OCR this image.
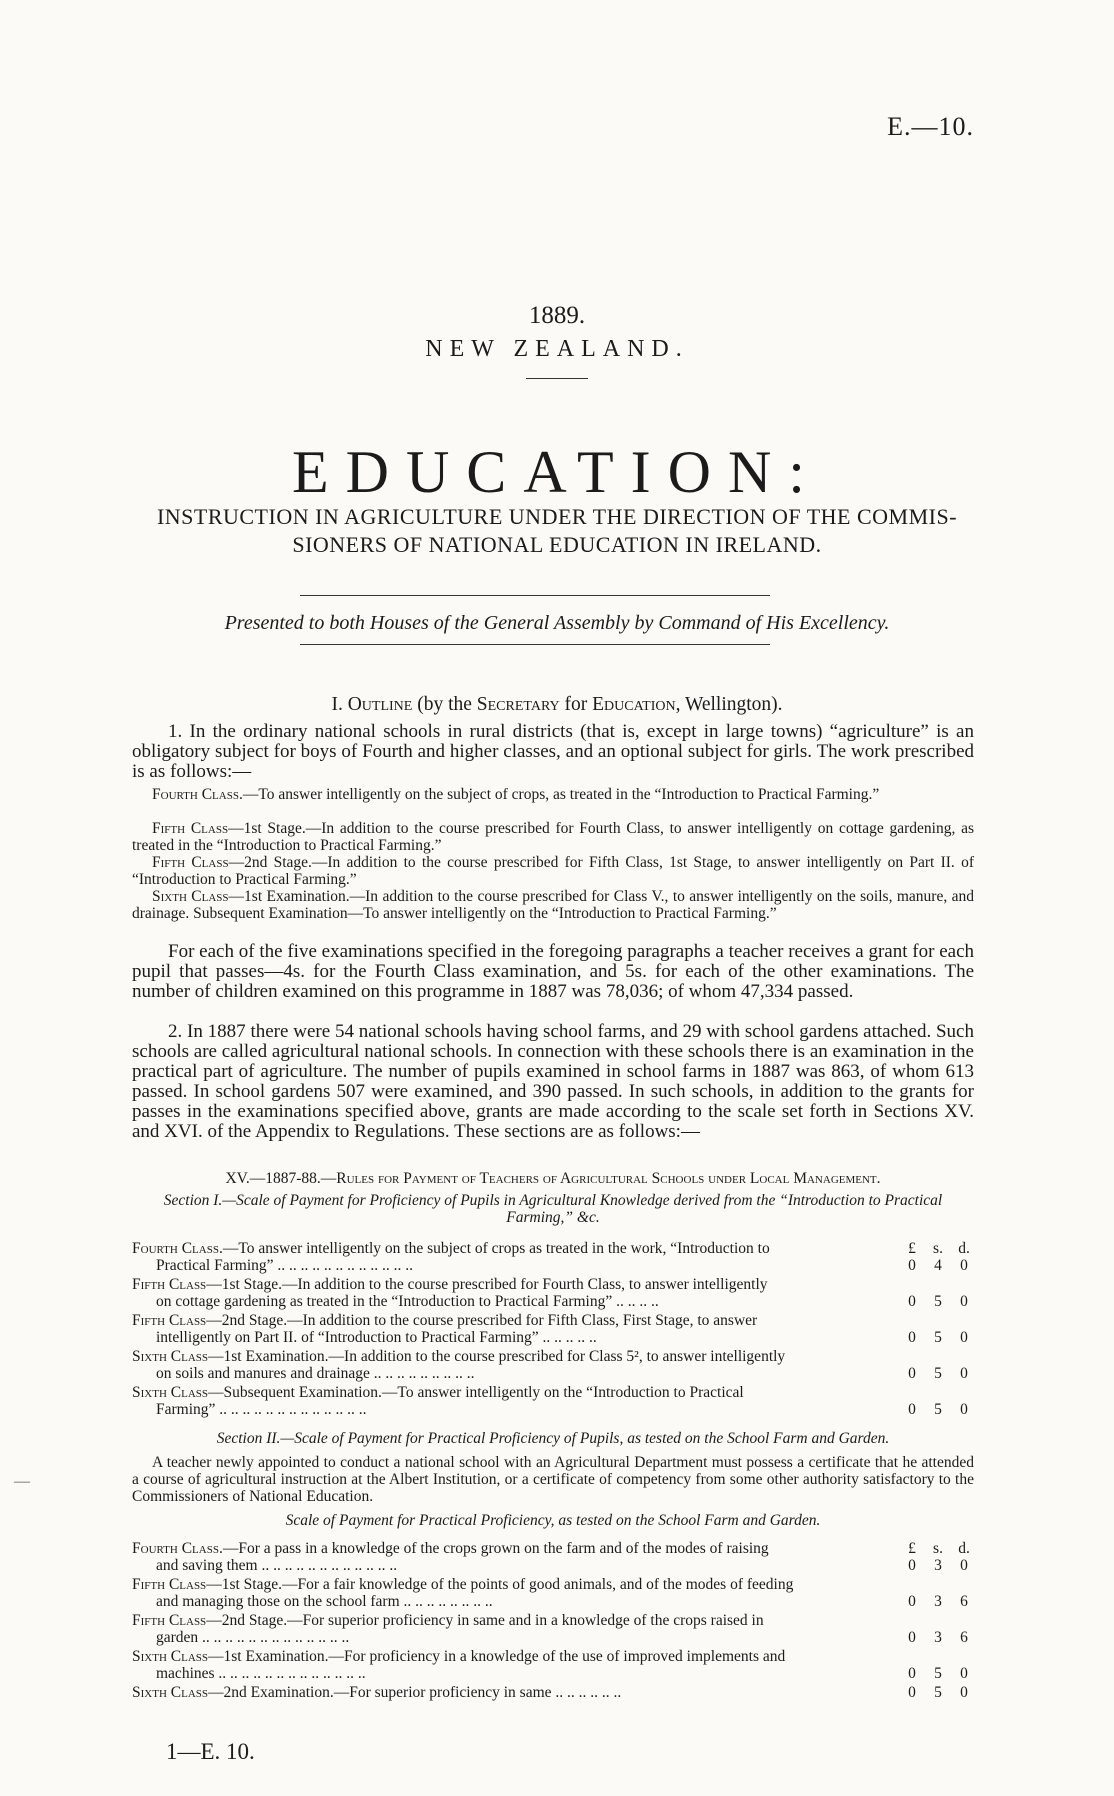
E.—10.
1889.
NEW ZEALAND.
EDUCATION:
INSTRUCTION IN AGRICULTURE UNDER THE DIRECTION OF THE COMMIS-
SIONERS OF NATIONAL EDUCATION IN IRELAND.
Presented to both Houses of the General Assembly by Command of His Excellency.
I. Outline (by the Secretary for Education, Wellington).
1. In the ordinary national schools in rural districts (that is, except in large towns) “agriculture” is an obligatory subject for boys of Fourth and higher classes, and an optional subject for girls. The work prescribed is as follows:—
Fourth Class.—To answer intelligently on the subject of crops, as treated in the “Introduction to Practical Farming.”
Fifth Class—1st Stage.—In addition to the course prescribed for Fourth Class, to answer intelligently on cottage gardening, as treated in the “Introduction to Practical Farming.”
Fifth Class—2nd Stage.—In addition to the course prescribed for Fifth Class, 1st Stage, to answer intelligently on Part II. of “Introduction to Practical Farming.”
Sixth Class—1st Examination.—In addition to the course prescribed for Class V., to answer intelligently on the soils, manure, and drainage. Subsequent Examination—To answer intelligently on the “Introduction to Practical Farming.”
For each of the five examinations specified in the foregoing paragraphs a teacher receives a grant for each pupil that passes—4s. for the Fourth Class examination, and 5s. for each of the other examinations. The number of children examined on this programme in 1887 was 78,036; of whom 47,334 passed.
2. In 1887 there were 54 national schools having school farms, and 29 with school gardens attached. Such schools are called agricultural national schools. In connection with these schools there is an examination in the practical part of agriculture. The number of pupils examined in school farms in 1887 was 863, of whom 613 passed. In school gardens 507 were examined, and 390 passed. In such schools, in addition to the grants for passes in the examinations specified above, grants are made according to the scale set forth in Sections XV. and XVI. of the Appendix to Regulations. These sections are as follows:—
XV.—1887-88.—Rules for Payment of Teachers of Agricultural Schools under Local Management.
Section I.—Scale of Payment for Proficiency of Pupils in Agricultural Knowledge derived from the “Introduction to Practical Farming,” &c.
£	s. d.
Fourth Class.—To answer intelligently on the subject of crops as treated in the work, “Introduction to
Practical Farming” .. .. .. .. .. .. .. .. .. .. .. ..	0	4	0
Fifth Class—1st Stage.—In addition to the course prescribed for Fourth Class, to answer intelligently
on cottage gardening as treated in the “Introduction to Practical Farming” .. .. .. ..	0	5	0
Fifth Class—2nd Stage.—In addition to the course prescribed for Fifth Class, First Stage, to answer
intelligently on Part II. of “Introduction to Practical Farming” .. .. .. .. ..	0	5	0
Sixth Class—1st Examination.—In addition to the course prescribed for Class 5², to answer intelligently
on soils and manures and drainage .. .. .. .. .. .. .. .. ..	0	5	0
Sixth Class—Subsequent Examination.—To answer intelligently on the “Introduction to Practical
Farming” .. .. .. .. .. .. .. .. .. .. .. .. ..	0	5	0
Section II.—Scale of Payment for Practical Proficiency of Pupils, as tested on the School Farm and Garden.
A teacher newly appointed to conduct a national school with an Agricultural Department must possess a certificate that he attended a course of agricultural instruction at the Albert Institution, or a certificate of competency from some other authority satisfactory to the Commissioners of National Education.
—
Scale of Payment for Practical Proficiency, as tested on the School Farm and Garden.
£	s. d.
Fourth Class.—For a pass in a knowledge of the crops grown on the farm and of the modes of raising
and saving them .. .. .. .. .. .. .. .. .. .. .. ..	0	3	0
Fifth Class—1st Stage.—For a fair knowledge of the points of good animals, and of the modes of feeding
and managing those on the school farm .. .. .. .. .. .. .. ..	0	3	6
Fifth Class—2nd Stage.—For superior proficiency in same and in a knowledge of the crops raised in
garden .. .. .. .. .. .. .. .. .. .. .. .. ..	0	3	6
Sixth Class—1st Examination.—For proficiency in a knowledge of the use of improved implements and
machines .. .. .. .. .. .. .. .. .. .. .. .. ..	0	5	0
Sixth Class—2nd Examination.—For superior proficiency in same .. .. .. .. .. ..	0	5	0
1—E. 10.
